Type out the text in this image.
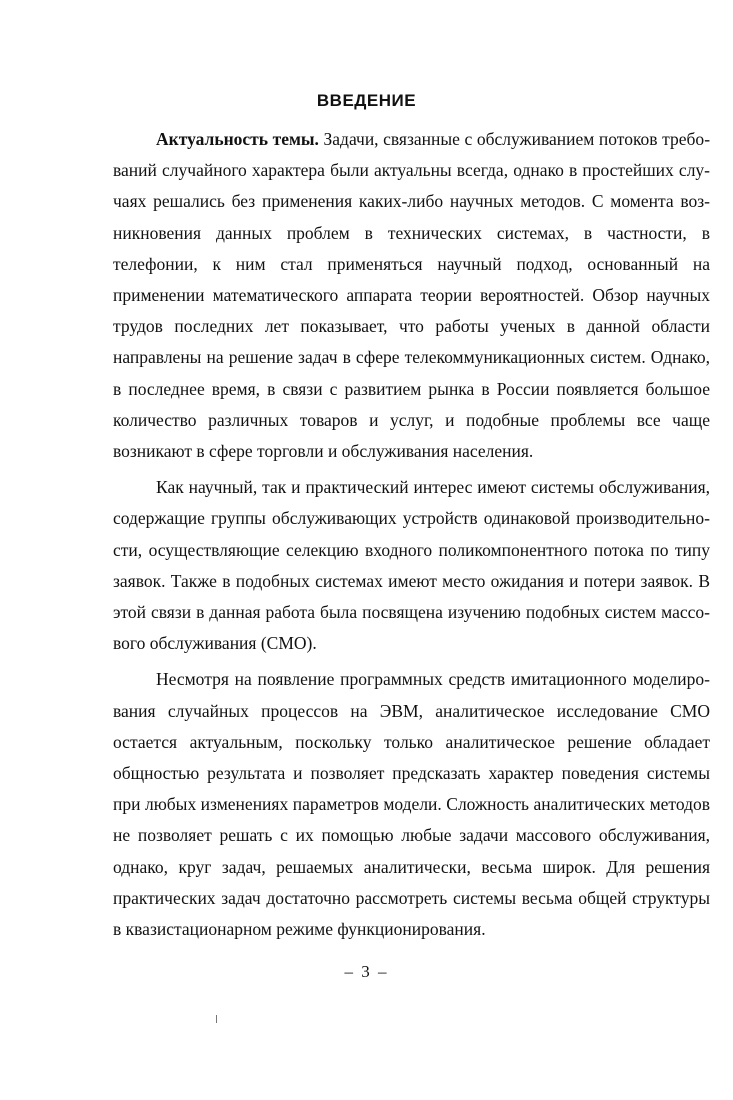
ВВЕДЕНИЕ

Актуальность темы. Задачи, связанные с обслуживанием потоков требований случайного характера были актуальны всегда, однако в простейших случаях решались без применения каких-либо научных методов. С момента возникновения данных проблем в технических системах, в частности, в телефонии, к ним стал применяться научный подход, основанный на применении математического аппарата теории вероятностей. Обзор научных трудов последних лет показывает, что работы ученых в данной области направлены на решение задач в сфере телекоммуникационных систем. Однако, в последнее время, в связи с развитием рынка в России появляется большое количество различных товаров и услуг, и подобные проблемы все чаще возникают в сфере торговли и обслуживания населения.

Как научный, так и практический интерес имеют системы обслуживания, содержащие группы обслуживающих устройств одинаковой производительности, осуществляющие селекцию входного поликомпонентного потока по типу заявок. Также в подобных системах имеют место ожидания и потери заявок. В этой связи в данная работа была посвящена изучению подобных систем массового обслуживания (СМО).

Несмотря на появление программных средств имитационного моделирования случайных процессов на ЭВМ, аналитическое исследование СМО остается актуальным, поскольку только аналитическое решение обладает общностью результата и позволяет предсказать характер поведения системы при любых изменениях параметров модели. Сложность аналитических методов не позволяет решать с их помощью любые задачи массового обслуживания, однако, круг задач, решаемых аналитически, весьма широк. Для решения практических задач достаточно рассмотреть системы весьма общей структуры в квазистационарном режиме функционирования.

– 3 –
